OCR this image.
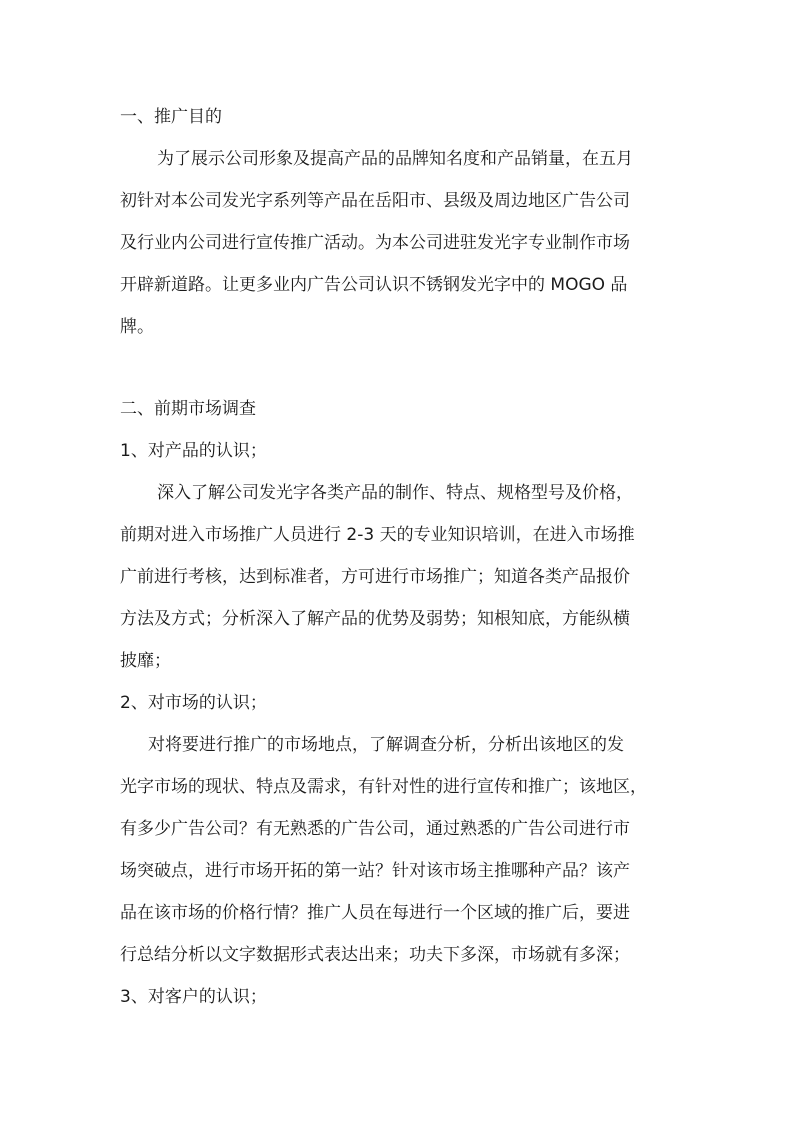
一、推广目的
为了展示公司形象及提高产品的品牌知名度和产品销量，在五月
初针对本公司发光字系列等产品在岳阳市、县级及周边地区广告公司
及行业内公司进行宣传推广活动。为本公司进驻发光字专业制作市场
开辟新道路。让更多业内广告公司认识不锈钢发光字中的 MOGO 品
牌。
二、前期市场调查
1、对产品的认识；
深入了解公司发光字各类产品的制作、特点、规格型号及价格，
前期对进入市场推广人员进行 2-3 天的专业知识培训，在进入市场推
广前进行考核，达到标准者，方可进行市场推广；知道各类产品报价
方法及方式；分析深入了解产品的优势及弱势；知根知底，方能纵横
披靡；
2、对市场的认识；
对将要进行推广的市场地点，了解调查分析，分析出该地区的发
光字市场的现状、特点及需求，有针对性的进行宣传和推广；该地区，
有多少广告公司？有无熟悉的广告公司，通过熟悉的广告公司进行市
场突破点，进行市场开拓的第一站？针对该市场主推哪种产品？该产
品在该市场的价格行情？推广人员在每进行一个区域的推广后，要进
行总结分析以文字数据形式表达出来；功夫下多深，市场就有多深；
3、对客户的认识；
